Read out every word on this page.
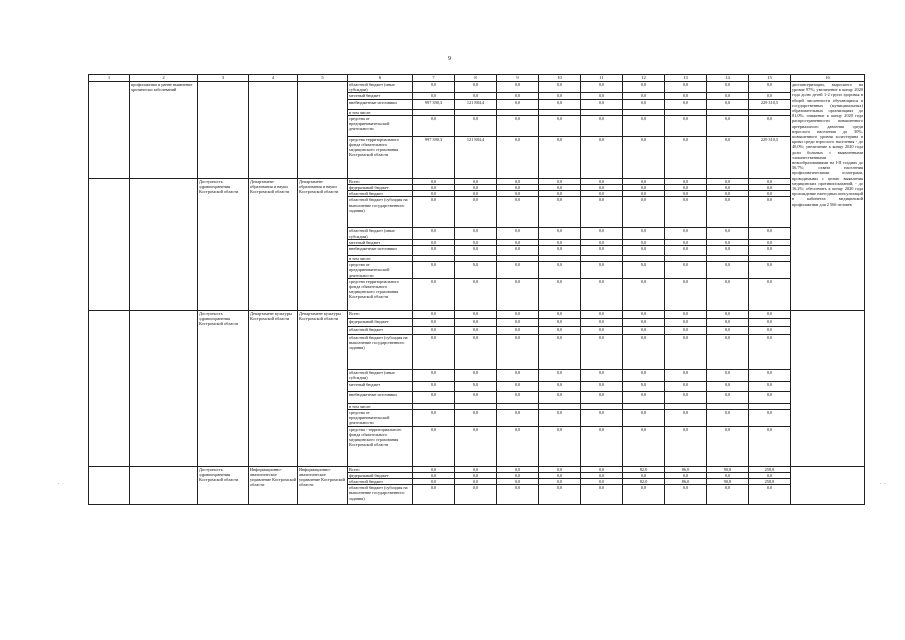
9
1	2	3	4	5	6	7	8	9	10	11	12	13	14	15	16
	профилактика и ранне выявление хронически заболеваний				областной бюджет (иные субсидии)	0,0	0,0	0,0	0,0	0,0	0,0	0,0	0,0	0,0	диспансеризации, выросшего на уровне 97%; увеличение к концу 2020 года долю детей 1-2 групп здоровья в общей численности обучающихся в государственных (муниципальных) образовательных организациях до 81,0%; снижение к концу 2020 года распространенности повышенного артериального давления среди взрослого населения до 30%, повышенного уровня холестерина в крови среди взрослого населения - до 40,0%; увеличение к концу 2020 года доли больных с выявленными злокачественными новообразованиями на I-II стадиях до 56,7%; охвата населения профилактическими осмотрами, проводимыми с целью выявления медицинских противопоказаний, - до 16,2%; обеспечить к концу 2020 года прохождение ежегодных консультаций в кабинетах медицинской профилактики для 2 566 человек
					местный бюджет	0,0	0,0	0,0	0,0	0,0	0,0	0,0	0,0	0,0	
					внебюджетные источники	997 390,3	121 884,4	0,0	0,0	0,0	0,0	0,0	0,0	229 310,5	
					в том числе:										
					средства от предпринимательской деятельности	0,0	0,0	0,0	0,0	0,0	0,0	0,0	0,0	0,0	
					средства территориального фонда обязательного медицинского страхования Костромской области	997 390,3	121 884,4	0,0	0,0	0,0	0,0	0,0	0,0	229 310,5	
		Доступность здравоохранения Костромской области	Департамент образования и науки Костромской области	Департамент образования и науки Костромской области	Всего	0,0	0,0	0,0	0,0	0,0	0,0	0,0	0,0	0,0	
					федеральный бюджет	0,0	0,0	0,0	0,0	0,0	0,0	0,0	0,0	0,0	
					областной бюджет	0,0	0,0	0,0	0,0	0,0	0,0	0,0	0,0	0,0	
					областной бюджет (субсидия на выполнение государственного задания)	0,0	0,0	0,0	0,0	0,0	0,0	0,0	0,0	0,0	
					областной бюджет (иные субсидии)	0,0	0,0	0,0	0,0	0,0	0,0	0,0	0,0	0,0	
					местный бюджет	0,0	0,0	0,0	0,0	0,0	0,0	0,0	0,0	0,0	
					внебюджетные источники	0,0	0,0	0,0	0,0	0,0	0,0	0,0	0,0	0,0	
					в том числе:										
					средства от предпринимательской деятельности	0,0	0,0	0,0	0,0	0,0	0,0	0,0	0,0	0,0	
					средства территориального фонда обязательного медицинского страхования Костромской области	0,0	0,0	0,0	0,0	0,0	0,0	0,0	0,0	0,0	
		Доступность здравоохранения Костромской области	Департамент культуры Костромской области	Департамент культуры Костромской области	Всего	0,0	0,0	0,0	0,0	0,0	0,0	0,0	0,0	0,0	
					федеральный бюджет	0,0	0,0	0,0	0,0	0,0	0,0	0,0	0,0	0,0	
					областной бюджет	0,0	0,0	0,0	0,0	0,0	0,0	0,0	0,0	0,0	
					областной бюджет (субсидия на выполнение государственного задания)	0,0	0,0	0,0	0,0	0,0	0,0	0,0	0,0	0,0	
					областной бюджет (иные субсидии)	0,0	0,0	0,0	0,0	0,0	0,0	0,0	0,0	0,0	
					местный бюджет	0,0	0,0	0,0	0,0	0,0	0,0	0,0	0,0	0,0	
					внебюджетные источники	0,0	0,0	0,0	0,0	0,0	0,0	0,0	0,0	0,0	
					в том числе:										
					средства от предпринимательской деятельности	0,0	0,0	0,0	0,0	0,0	0,0	0,0	0,0	0,0	
					средства - территориального фонда обязательного медицинского страхования Костромской области	0,0	0,0	0,0	0,0	0,0	0,0	0,0	0,0	0,0	
		Доступность здравоохранения Костромской области	Информационно-аналитическое управление Костромской области	Информационно-аналитическое управление Костромской области	Всего	0,0	0,0	0,0	0,0	0,0	82,0	86,0	90,8	258,8	
					федеральный бюджет	0,0	0,0	0,0	0,0	0,0	0,0	0,0	0,0	0,0	
					областной бюджет	0,0	0,0	0,0	0,0	0,0	82,0	86,0	90,8	258,8	
					областной бюджет (субсидия на выполнение государственного задания)	0,0	0,0	0,0	0,0	0,0	0,0	0,0	0,0	0,0	
·  ·	·  ·
